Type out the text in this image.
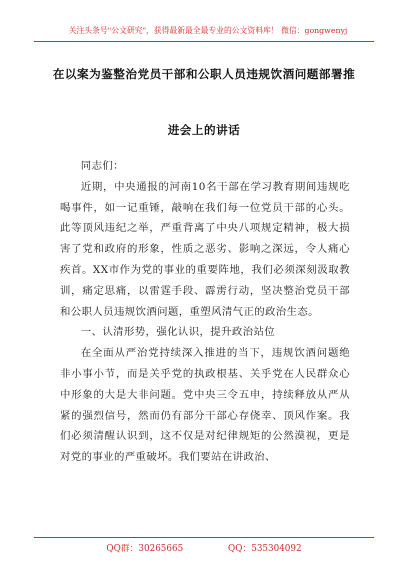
关注头条号"公文研究"，获得最新最全最专业的公文资料库！ 微信：gongwenyj
在以案为鉴整治党员干部和公职人员违规饮酒问题部署推
进会上的讲话

同志们：

近期，中央通报的河南10名干部在学习教育期间违规吃喝事件，如一记重锤，敲响在我们每一位党员干部的心头。此等顶风违纪之举，严重背离了中央八项规定精神，极大损害了党和政府的形象，性质之恶劣、影响之深远，令人痛心疾首。XX市作为党的事业的重要阵地，我们必须深刻汲取教训，痛定思痛，以雷霆手段、霹雳行动，坚决整治党员干部和公职人员违规饮酒问题，重塑风清气正的政治生态。

一、认清形势，强化认识，提升政治站位

在全面从严治党持续深入推进的当下，违规饮酒问题绝非小事小节，而是关乎党的执政根基、关乎党在人民群众心中形象的大是大非问题。党中央三令五申，持续释放从严从紧的强烈信号，然而仍有部分干部心存侥幸、顶风作案。我们必须清醒认识到，这不仅是对纪律规矩的公然漠视，更是对党的事业的严重破坏。我们要站在讲政治、

QQ群：30265665	QQ：535304092
